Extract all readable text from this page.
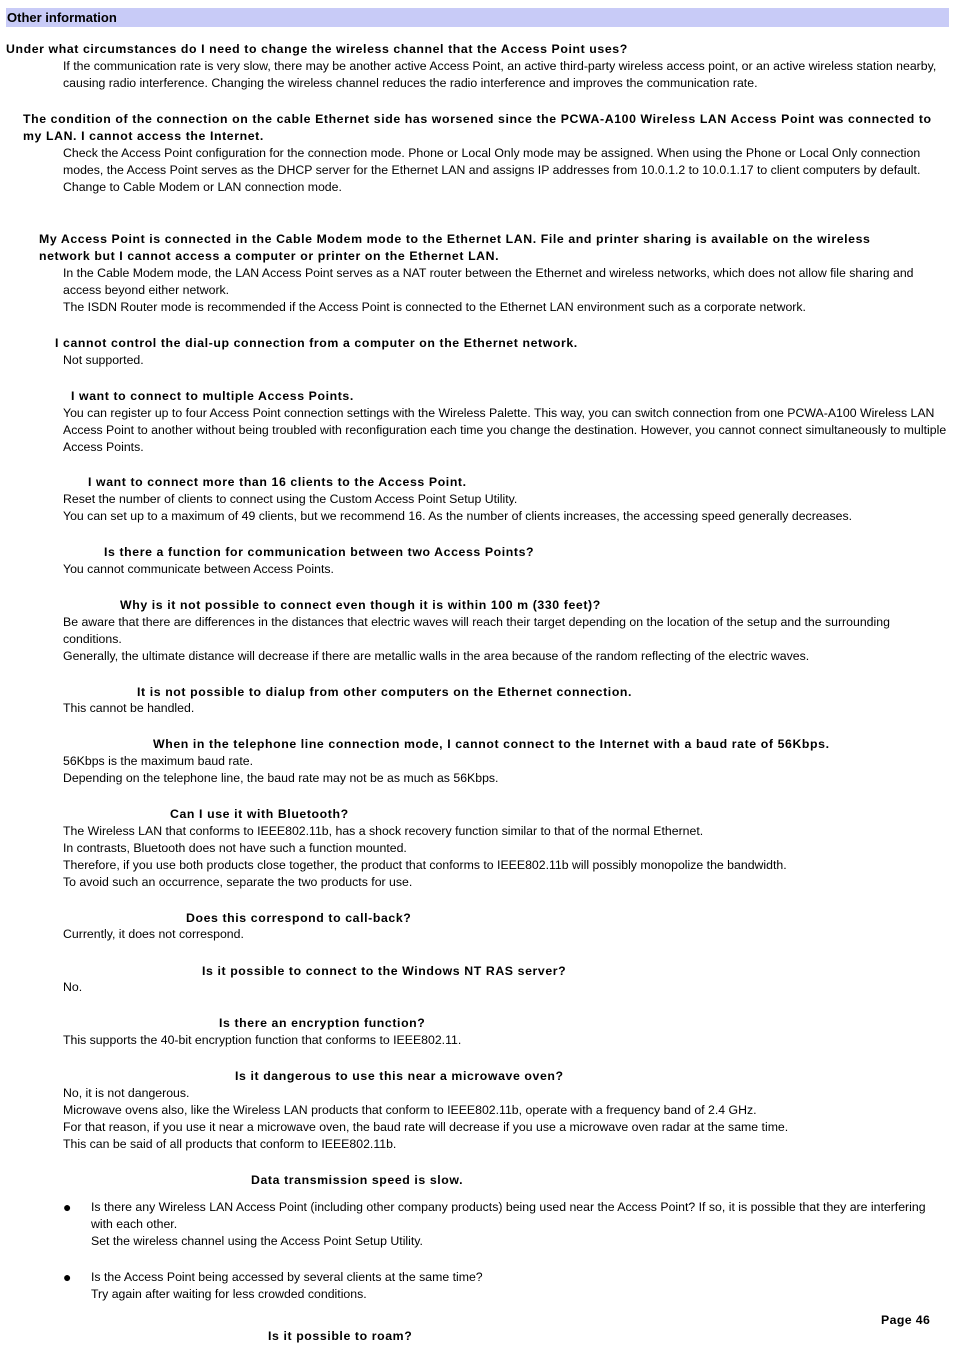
Other information
Under what circumstances do I need to change the wireless channel that the Access Point uses?

If the communication rate is very slow, there may be another active Access Point, an active third-party wireless access point, or an active wireless station nearby, causing radio interference. Changing the wireless channel reduces the radio interference and improves the communication rate.

The condition of the connection on the cable Ethernet side has worsened since the PCWA-A100 Wireless LAN Access Point was connected to my LAN. I cannot access the Internet.

Check the Access Point configuration for the connection mode. Phone or Local Only mode may be assigned. When using the Phone or Local Only connection modes, the Access Point serves as the DHCP server for the Ethernet LAN and assigns IP addresses from 10.0.1.2 to 10.0.1.17 to client computers by default.

Change to Cable Modem or LAN connection mode.

My Access Point is connected in the Cable Modem mode to the Ethernet LAN. File and printer sharing is available on the wireless network but I cannot access a computer or printer on the Ethernet LAN.

In the Cable Modem mode, the LAN Access Point serves as a NAT router between the Ethernet and wireless networks, which does not allow file sharing and access beyond either network.

The ISDN Router mode is recommended if the Access Point is connected to the Ethernet LAN environment such as a corporate network.

I cannot control the dial-up connection from a computer on the Ethernet network.

Not supported.

I want to connect to multiple Access Points.

You can register up to four Access Point connection settings with the Wireless Palette. This way, you can switch connection from one PCWA-A100 Wireless LAN Access Point to another without being troubled with reconfiguration each time you change the destination. However, you cannot connect simultaneously to multiple Access Points.

I want to connect more than 16 clients to the Access Point.

Reset the number of clients to connect using the Custom Access Point Setup Utility.

You can set up to a maximum of 49 clients, but we recommend 16. As the number of clients increases, the accessing speed generally decreases.

Is there a function for communication between two Access Points?

You cannot communicate between Access Points.

Why is it not possible to connect even though it is within 100 m (330 feet)?

Be aware that there are differences in the distances that electric waves will reach their target depending on the location of the setup and the surrounding conditions.

Generally, the ultimate distance will decrease if there are metallic walls in the area because of the random reflecting of the electric waves.

It is not possible to dialup from other computers on the Ethernet connection.

This cannot be handled.

When in the telephone line connection mode, I cannot connect to the Internet with a baud rate of 56Kbps.

56Kbps is the maximum baud rate.

Depending on the telephone line, the baud rate may not be as much as 56Kbps.

Can I use it with Bluetooth?

The Wireless LAN that conforms to IEEE802.11b, has a shock recovery function similar to that of the normal Ethernet.

In contrasts, Bluetooth does not have such a function mounted.

Therefore, if you use both products close together, the product that conforms to IEEE802.11b will possibly monopolize the bandwidth.

To avoid such an occurrence, separate the two products for use.

Does this correspond to call-back?

Currently, it does not correspond.

Is it possible to connect to the Windows NT RAS server?

No.

Is there an encryption function?

This supports the 40-bit encryption function that conforms to IEEE802.11.

Is it dangerous to use this near a microwave oven?

No, it is not dangerous.

Microwave ovens also, like the Wireless LAN products that conform to IEEE802.11b, operate with a frequency band of 2.4 GHz.

For that reason, if you use it near a microwave oven, the baud rate will decrease if you use a microwave oven radar at the same time.

This can be said of all products that conform to IEEE802.11b.

Data transmission speed is slow.
● Is there any Wireless LAN Access Point (including other company products) being used near the Access Point? If so, it is possible that they are interfering with each other.

Set the wireless channel using the Access Point Setup Utility.

● Is the Access Point being accessed by several clients at the same time?

Try again after waiting for less crowded conditions.

Page 46
Is it possible to roam?
